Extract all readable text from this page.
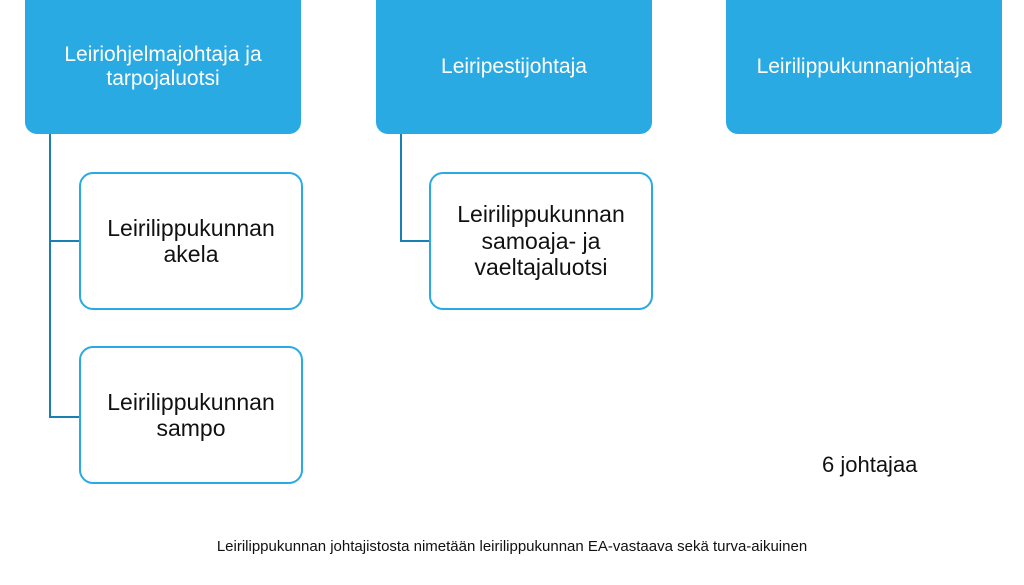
Leiriohjelmajohtaja ja tarpojaluotsi
Leiripestijohtaja	Leirilippukunnanjohtaja
Leirilippukunnan akela
Leirilippukunnan sampo
Leirilippukunnan samoaja- ja vaeltajaluotsi
6 johtajaa
Leirilippukunnan johtajistosta nimetään leirilippukunnan EA-vastaava sekä turva-aikuinen
